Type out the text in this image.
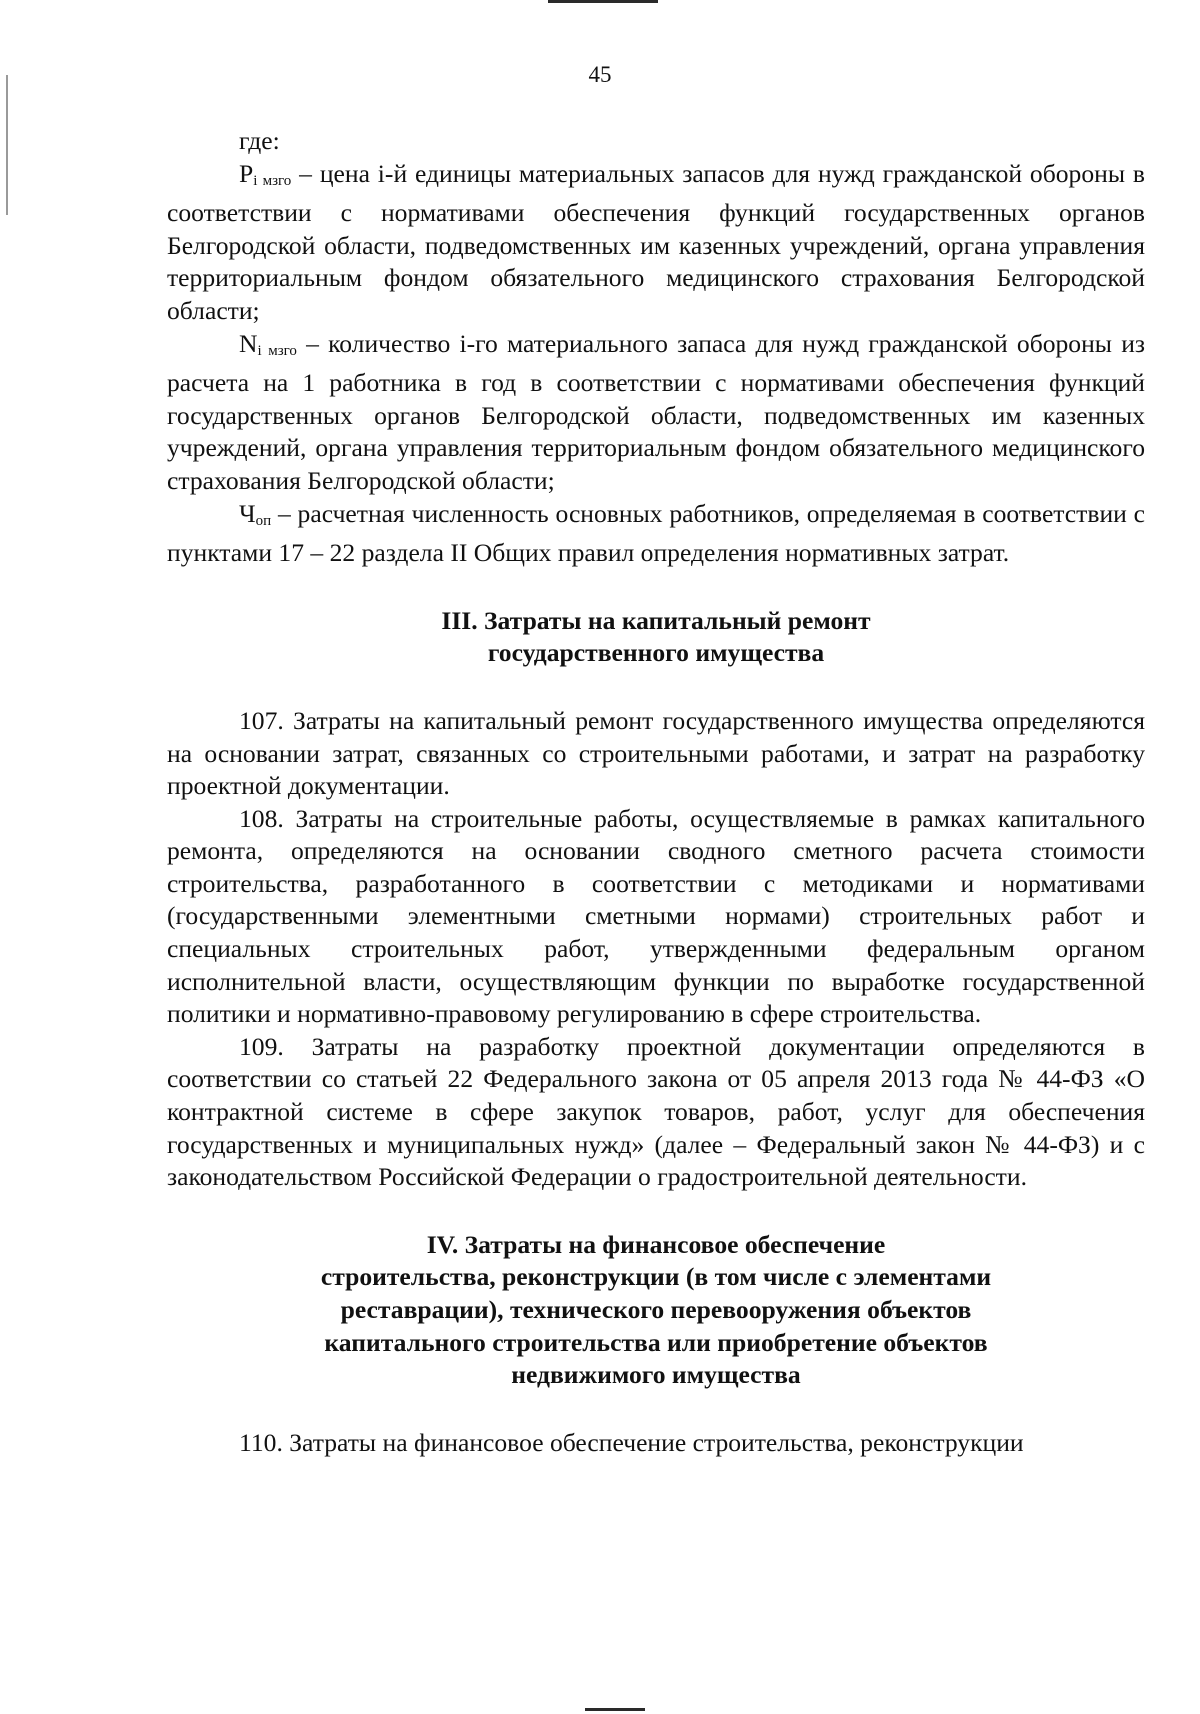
45

где:

Pi мзго – цена i-й единицы материальных запасов для нужд гражданской обороны в соответствии с нормативами обеспечения функций государственных органов Белгородской области, подведомственных им казенных учреждений, органа управления территориальным фондом обязательного медицинского страхования Белгородской области;

Ni мзго – количество i-го материального запаса для нужд гражданской обороны из расчета на 1 работника в год в соответствии с нормативами обеспечения функций государственных органов Белгородской области, подведомственных им казенных учреждений, органа управления территориальным фондом обязательного медицинского страхования Белгородской области;

Чоп – расчетная численность основных работников, определяемая в соответствии с пунктами 17 – 22 раздела II Общих правил определения нормативных затрат.

III. Затраты на капитальный ремонт
государственного имущества

107. Затраты на капитальный ремонт государственного имущества определяются на основании затрат, связанных со строительными работами, и затрат на разработку проектной документации.

108. Затраты на строительные работы, осуществляемые в рамках капитального ремонта, определяются на основании сводного сметного расчета стоимости строительства, разработанного в соответствии с методиками и нормативами (государственными элементными сметными нормами) строительных работ и специальных строительных работ, утвержденными федеральным органом исполнительной власти, осуществляющим функции по выработке государственной политики и нормативно-правовому регулированию в сфере строительства.

109. Затраты на разработку проектной документации определяются в соответствии со статьей 22 Федерального закона от 05 апреля 2013 года № 44-ФЗ «О контрактной системе в сфере закупок товаров, работ, услуг для обеспечения государственных и муниципальных нужд» (далее – Федеральный закон № 44-ФЗ) и с законодательством Российской Федерации о градостроительной деятельности.

IV. Затраты на финансовое обеспечение
строительства, реконструкции (в том числе с элементами
реставрации), технического перевооружения объектов
капитального строительства или приобретение объектов
недвижимого имущества

110. Затраты на финансовое обеспечение строительства, реконструкции
